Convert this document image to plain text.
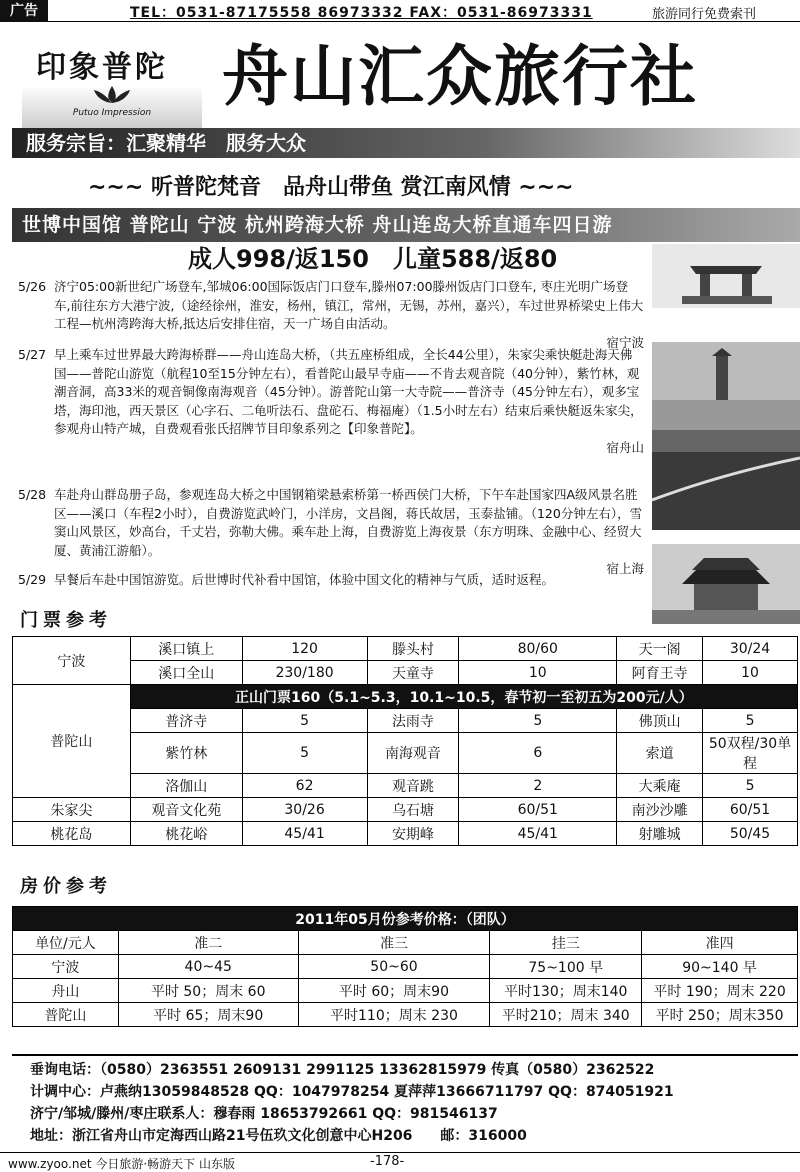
广告	TEL：0531-87175558 86973332 FAX：0531-86973331	旅游同行免费索刊
印象普陀
Putuo Impression	舟山汇众旅行社
服务宗旨：汇聚精华　服务大众
~~~ 听普陀梵音　品舟山带鱼 赏江南风情 ~~~
世博中国馆 普陀山 宁波 杭州跨海大桥 舟山连岛大桥直通车四日游
成人998/返150　儿童588/返80
5/26 济宁05:00新世纪广场登车,邹城06:00国际饭店门口登车,滕州07:00滕州饭店门口登车, 枣庄光明广场登车,前往东方大港宁波,（途经徐州，淮安，杨州，镇江，常州，无锡，苏州，嘉兴），车过世界桥梁史上伟大工程—杭州湾跨海大桥,抵达后安排住宿，天一广场自由活动。
宿宁波
5/27 早上乘车过世界最大跨海桥群——舟山连岛大桥，（共五座桥组成，全长44公里），朱家尖乘快艇赴海天佛国——普陀山游览（航程10至15分钟左右），看普陀山最早寺庙——不肯去观音院（40分钟），紫竹林，观潮音洞，高33米的观音铜像南海观音（45分钟）。游普陀山第一大寺院——普济寺（45分钟左右），观多宝塔，海印池，西天景区（心字石、二龟听法石、盘砣石、梅福庵）（1.5小时左右）结束后乘快艇返朱家尖，参观舟山特产城，自费观看张氏招牌节目印象系列之【印象普陀】。
宿舟山
5/28 车赴舟山群岛册子岛，参观连岛大桥之中国钢箱梁悬索桥第一桥西侯门大桥，下午车赴国家四A级风景名胜区——溪口（车程2小时），自费游览武岭门，小洋房，文昌阁，蒋氏故居，玉泰盐铺。（120分钟左右），雪窦山风景区，妙高台，千丈岩，弥勒大佛。乘车赴上海，自费游览上海夜景（东方明珠、金融中心、经贸大厦、黄浦江游船）。
宿上海
5/29 早餐后车赴中国馆游览。后世博时代补看中国馆，体验中国文化的精神与气质，适时返程。
门票参考
宁波	溪口镇上	120	滕头村	80/60	天一阁	30/24
	溪口全山	230/180	天童寺	10	阿育王寺	10
普陀山	正山门票160（5.1~5.3，10.1~10.5，春节初一至初五为200元/人）					
	普济寺	5	法雨寺	5	佛顶山	5
	紫竹林	5	南海观音	6	索道	50双程/30单程
	洛伽山	62	观音跳	2	大乘庵	5
朱家尖	观音文化苑	30/26	乌石塘	60/51	南沙沙雕	60/51
桃花岛	桃花峪	45/41	安期峰	45/41	射雕城	50/45
房价参考
2011年05月份参考价格：（团队）				
单位/元人	准二	准三	挂三	准四
宁波	40~45	50~60	75~100 早	90~140 早
舟山	平时 50；周末 60	平时 60；周末90	平时130；周末140	平时 190；周末 220
普陀山	平时 65；周末90	平时110；周末 230	平时210；周末 340	平时 250；周末350
垂询电话：（0580）2363551 2609131 2991125 13362815979 传真（0580）2362522
计调中心：卢燕纳13059848528 QQ：1047978254 夏萍萍13666711797 QQ：874051921
济宁/邹城/滕州/枣庄联系人：穆春雨 18653792661 QQ：981546137
地址：浙江省舟山市定海西山路21号伍玖文化创意中心H206　　邮：316000
www.zyoo.net 今日旅游·畅游天下 山东版	-178-
